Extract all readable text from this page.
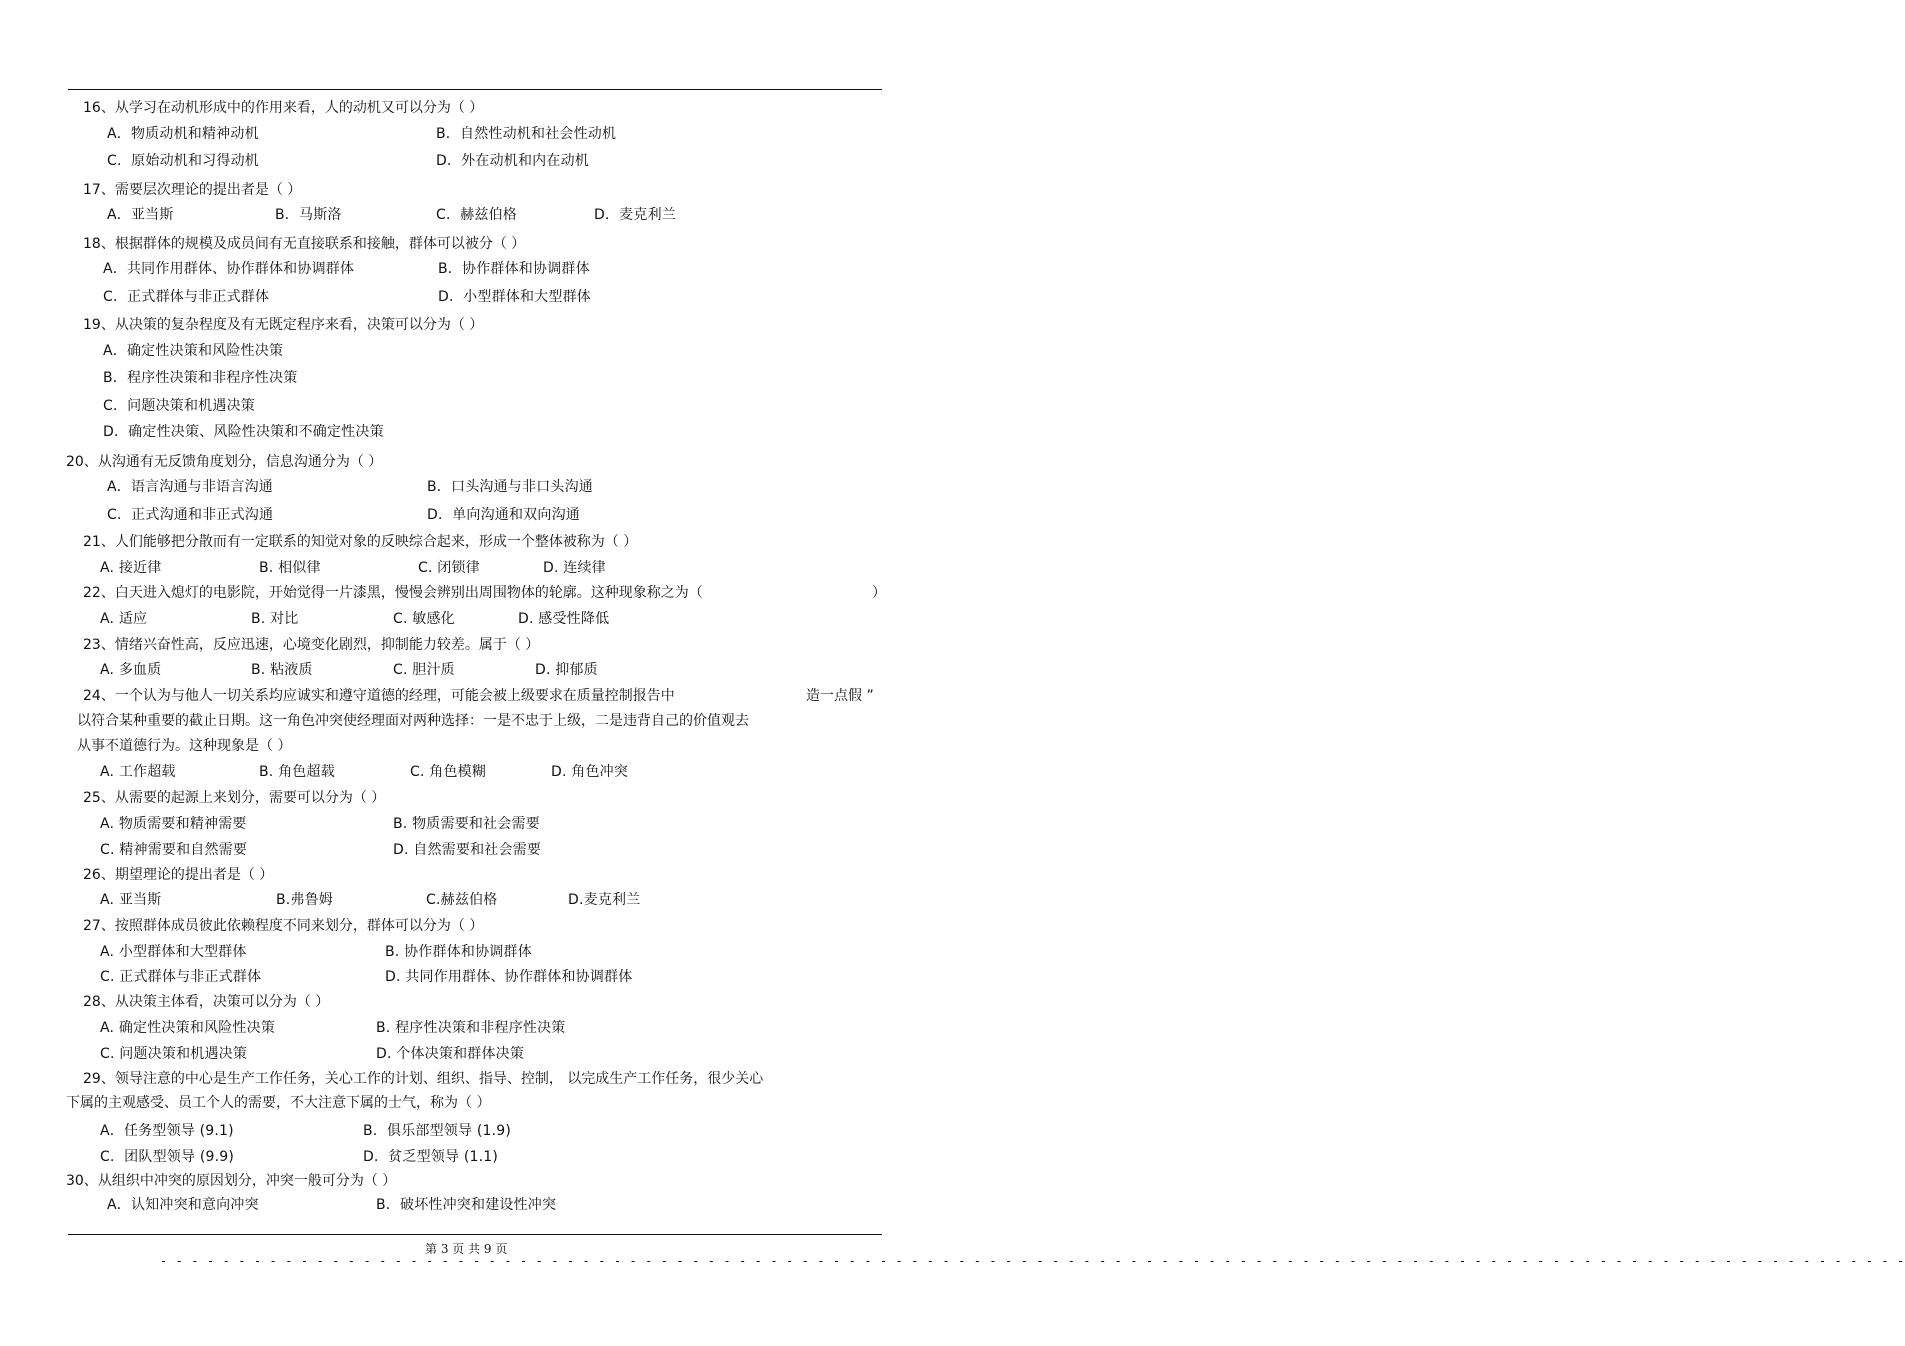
16、从学习在动机形成中的作用来看，人的动机又可以分为（ ）
A．物质动机和精神动机	B．自然性动机和社会性动机
C．原始动机和习得动机	D．外在动机和内在动机
17、需要层次理论的提出者是（ ）
A．亚当斯	B．马斯洛	C．赫兹伯格	D．麦克利兰
18、根据群体的规模及成员间有无直接联系和接触，群体可以被分（ ）
A．共同作用群体、协作群体和协调群体	B．协作群体和协调群体
C．正式群体与非正式群体	D．小型群体和大型群体
19、从决策的复杂程度及有无既定程序来看，决策可以分为（ ）
A．确定性决策和风险性决策
B．程序性决策和非程序性决策
C．问题决策和机遇决策
D．确定性决策、风险性决策和不确定性决策
20、从沟通有无反馈角度划分，信息沟通分为（ ）
A．语言沟通与非语言沟通	B．口头沟通与非口头沟通
C．正式沟通和非正式沟通	D．单向沟通和双向沟通
21、人们能够把分散而有一定联系的知觉对象的反映综合起来，形成一个整体被称为（ ）
A. 接近律	B. 相似律	C. 闭锁律	D. 连续律
22、白天进入熄灯的电影院，开始觉得一片漆黑，慢慢会辨别出周围物体的轮廓。这种现象称之为（	）
A. 适应	B. 对比	C. 敏感化	D. 感受性降低
23、情绪兴奋性高，反应迅速，心境变化剧烈，抑制能力较差。属于（ ）
A. 多血质	B. 粘液质	C. 胆汁质	D. 抑郁质
24、一个认为与他人一切关系均应诚实和遵守道德的经理，可能会被上级要求在质量控制报告中	造一点假 ”
以符合某种重要的截止日期。这一角色冲突使经理面对两种选择：一是不忠于上级，二是违背自己的价值观去
从事不道德行为。这种现象是（ ）
A. 工作超载	B. 角色超载	C. 角色模糊	D. 角色冲突
25、从需要的起源上来划分，需要可以分为（ ）
A. 物质需要和精神需要	B. 物质需要和社会需要
C. 精神需要和自然需要	D. 自然需要和社会需要
26、期望理论的提出者是（ ）
A. 亚当斯	B.弗鲁姆	C.赫兹伯格	D.麦克利兰
27、按照群体成员彼此依赖程度不同来划分，群体可以分为（ ）
A. 小型群体和大型群体	B. 协作群体和协调群体
C. 正式群体与非正式群体	D. 共同作用群体、协作群体和协调群体
28、从决策主体看，决策可以分为（ ）
A. 确定性决策和风险性决策	B. 程序性决策和非程序性决策
C. 问题决策和机遇决策	D. 个体决策和群体决策
29、领导注意的中心是生产工作任务，关心工作的计划、组织、指导、控制， 以完成生产工作任务，很少关心
下属的主观感受、员工个人的需要，不大注意下属的士气，称为（ ）
A．任务型领导 (9.1)	B．俱乐部型领导 (1.9)
C．团队型领导 (9.9)	D．贫乏型领导 (1.1)
30、从组织中冲突的原因划分，冲突一般可分为（ ）
A．认知冲突和意向冲突	B．破坏性冲突和建设性冲突
第 3 页 共 9 页
- - - - - - - - - - - - - - - - - - - - - - - - - - - - - - - - - - - - - - - - - - - - - - - - - - - - - - - - - - - - - - - - - - - - - - - - - - - - - - - - - - - - - - - - - - - - - - - - - - - - - - - - - - - - - - - -
